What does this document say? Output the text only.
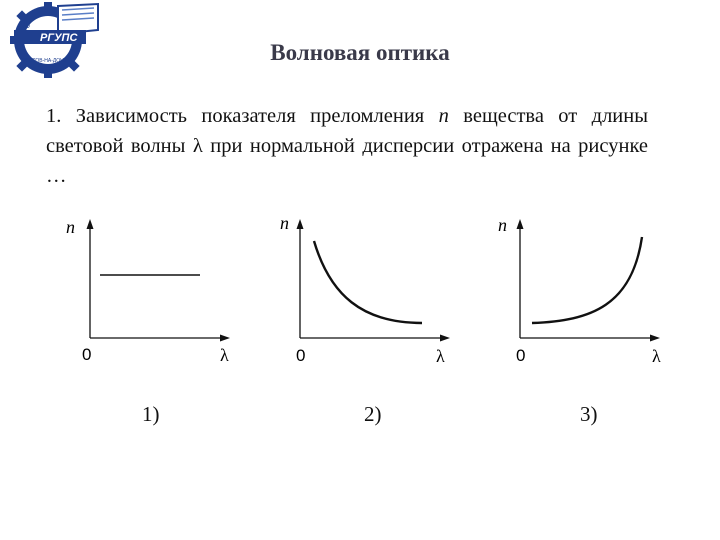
РГУПС
РОСТОВ-НА-ДОНУ
U
Волновая оптика
1. Зависимость показателя преломления n вещества от длины световой волны λ при нормальной дисперсии отражена на рисунке …
n
0	λ
1)
n
0	λ
2)
n
0	λ
3)
